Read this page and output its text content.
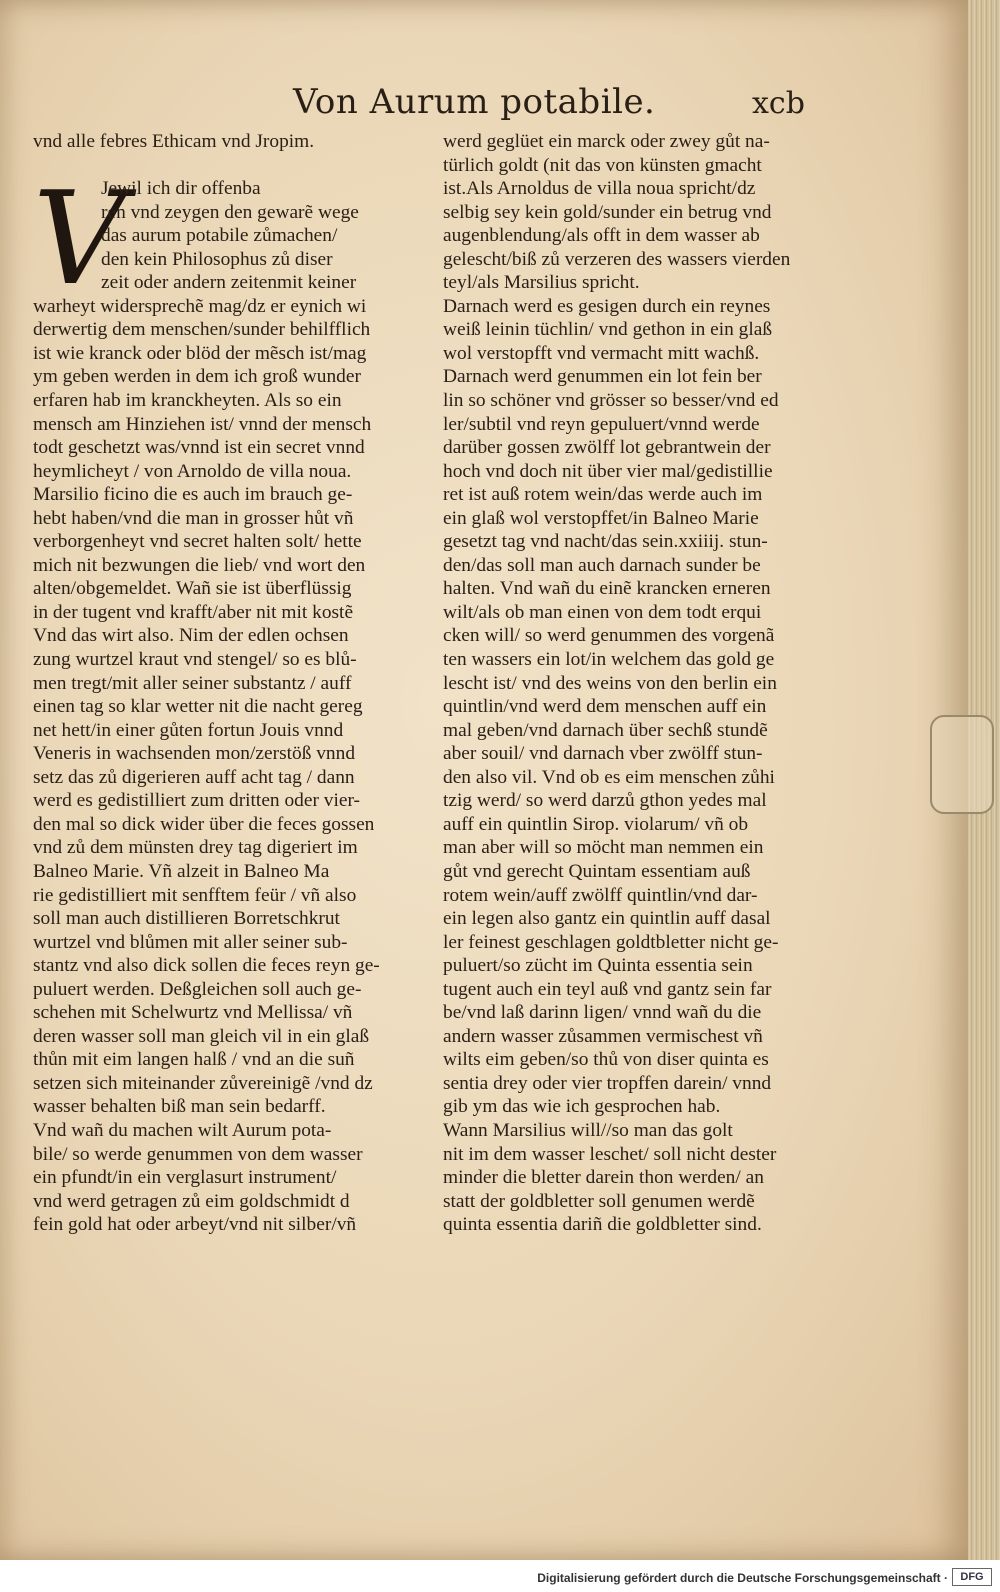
Von Aurum potabile.	xcb
V
vnd alle febres Ethicam vnd Jropim.
Jewil ich dir offenba
ren vnd zeygen den gewarẽ wege
das aurum potabile zůmachen/
den kein Philosophus zů diser
zeit oder andern zeitenmit keiner
warheyt widersprechẽ mag/dz er eynich wi
derwertig dem menschen/sunder behilfflich
ist wie kranck oder blöd der mẽsch ist/mag
ym geben werden in dem ich groß wunder
erfaren hab im kranckheyten. Als so ein
mensch am Hinziehen ist/ vnnd der mensch
todt geschetzt was/vnnd ist ein secret vnnd
heymlicheyt / von Arnoldo de villa noua.
Marsilio ficino die es auch im brauch ge-
hebt haben/vnd die man in grosser hůt vñ
verborgenheyt vnd secret halten solt/ hette
mich nit bezwungen die lieb/ vnd wort den
alten/obgemeldet. Wañ sie ist überflüssig
in der tugent vnd krafft/aber nit mit kostẽ
Vnd das wirt also. Nim der edlen ochsen
zung wurtzel kraut vnd stengel/ so es blů-
men tregt/mit aller seiner substantz / auff
einen tag so klar wetter nit die nacht gereg
net hett/in einer gůten fortun Jouis vnnd
Veneris in wachsenden mon/zerstöß vnnd
setz das zů digerieren auff acht tag / dann
werd es gedistilliert zum dritten oder vier-
den mal so dick wider über die feces gossen
vnd zů dem münsten drey tag digeriert im
Balneo Marie. Vñ alzeit in Balneo Ma
rie gedistilliert mit senfftem feür / vñ also
soll man auch distillieren Borretschkrut
wurtzel vnd blůmen mit aller seiner sub-
stantz vnd also dick sollen die feces reyn ge-
puluert werden. Deßgleichen soll auch ge-
schehen mit Schelwurtz vnd Mellissa/ vñ
deren wasser soll man gleich vil in ein glaß
thůn mit eim langen halß / vnd an die suñ
setzen sich miteinander zůvereinigẽ /vnd dz
wasser behalten biß man sein bedarff.
Vnd wañ du machen wilt Aurum pota-
bile/ so werde genummen von dem wasser
ein pfundt/in ein verglasurt instrument/
vnd werd getragen zů eim goldschmidt d
fein gold hat oder arbeyt/vnd nit silber/vñ
werd geglüet ein marck oder zwey gůt na-
türlich goldt (nit das von künsten gmacht
ist.Als Arnoldus de villa noua spricht/dz
selbig sey kein gold/sunder ein betrug vnd
augenblendung/als offt in dem wasser ab
gelescht/biß zů verzeren des wassers vierden
teyl/als Marsilius spricht.
Darnach werd es gesigen durch ein reynes
weiß leinin tüchlin/ vnd gethon in ein glaß
wol verstopfft vnd vermacht mitt wachß.
Darnach werd genummen ein lot fein ber
lin so schöner vnd grösser so besser/vnd ed
ler/subtil vnd reyn gepuluert/vnnd werde
darüber gossen zwölff lot gebrantwein der
hoch vnd doch nit über vier mal/gedistillie
ret ist auß rotem wein/das werde auch im
ein glaß wol verstopffet/in Balneo Marie
gesetzt tag vnd nacht/das sein.xxiiij. stun-
den/das soll man auch darnach sunder be
halten. Vnd wañ du einẽ krancken erneren
wilt/als ob man einen von dem todt erqui
cken will/ so werd genummen des vorgenã
ten wassers ein lot/in welchem das gold ge
lescht ist/ vnd des weins von den berlin ein
quintlin/vnd werd dem menschen auff ein
mal geben/vnd darnach über sechß stundẽ
aber souil/ vnd darnach vber zwölff stun-
den also vil. Vnd ob es eim menschen zůhi
tzig werd/ so werd darzů gthon yedes mal
auff ein quintlin Sirop. violarum/ vñ ob
man aber will so möcht man nemmen ein
gůt vnd gerecht Quintam essentiam auß
rotem wein/auff zwölff quintlin/vnd dar-
ein legen also gantz ein quintlin auff dasal
ler feinest geschlagen goldtbletter nicht ge-
puluert/so zücht im Quinta essentia sein
tugent auch ein teyl auß vnd gantz sein far
be/vnd laß darinn ligen/ vnnd wañ du die
andern wasser zůsammen vermischest vñ
wilts eim geben/so thů von diser quinta es
sentia drey oder vier tropffen darein/ vnnd
gib ym das wie ich gesprochen hab.
Wann Marsilius will//so man das golt
nit im dem wasser leschet/ soll nicht dester
minder die bletter darein thon werden/ an
statt der goldbletter soll genumen werdẽ
quinta essentia dariñ die goldbletter sind.
Digitalisierung gefördert durch die Deutsche Forschungsgemeinschaft ·	DFG
